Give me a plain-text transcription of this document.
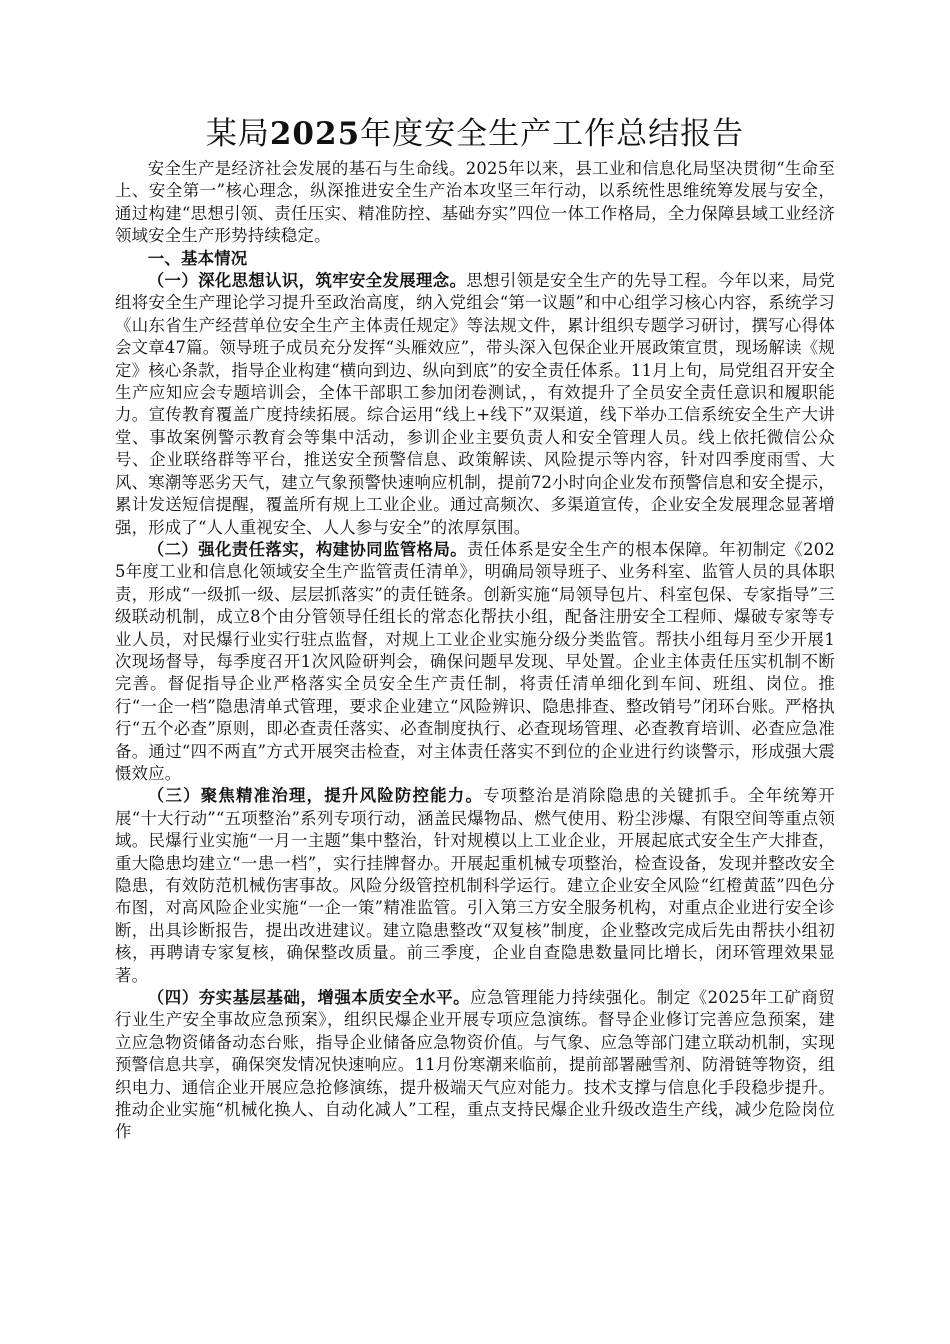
某局2025年度安全生产工作总结报告

安全生产是经济社会发展的基石与生命线。2025年以来，县工业和信息化局坚决贯彻“生命至上、安全第一”核心理念，纵深推进安全生产治本攻坚三年行动，以系统性思维统筹发展与安全，通过构建“思想引领、责任压实、精准防控、基础夯实”四位一体工作格局，全力保障县域工业经济领域安全生产形势持续稳定。

一、基本情况

（一）深化思想认识，筑牢安全发展理念。思想引领是安全生产的先导工程。今年以来，局党组将安全生产理论学习提升至政治高度，纳入党组会“第一议题”和中心组学习核心内容，系统学习《山东省生产经营单位安全生产主体责任规定》等法规文件，累计组织专题学习研讨，撰写心得体会文章47篇。领导班子成员充分发挥“头雁效应”，带头深入包保企业开展政策宣贯，现场解读《规定》核心条款，指导企业构建“横向到边、纵向到底”的安全责任体系。11月上旬，局党组召开安全生产应知应会专题培训会，全体干部职工参加闭卷测试，，有效提升了全员安全责任意识和履职能力。宣传教育覆盖广度持续拓展。综合运用“线上+线下”双渠道，线下举办工信系统安全生产大讲堂、事故案例警示教育会等集中活动，参训企业主要负责人和安全管理人员。线上依托微信公众号、企业联络群等平台，推送安全预警信息、政策解读、风险提示等内容，针对四季度雨雪、大风、寒潮等恶劣天气，建立气象预警快速响应机制，提前72小时向企业发布预警信息和安全提示，累计发送短信提醒，覆盖所有规上工业企业。通过高频次、多渠道宣传，企业安全发展理念显著增强，形成了“人人重视安全、人人参与安全”的浓厚氛围。

（二）强化责任落实，构建协同监管格局。责任体系是安全生产的根本保障。年初制定《2025年度工业和信息化领域安全生产监管责任清单》，明确局领导班子、业务科室、监管人员的具体职责，形成“一级抓一级、层层抓落实”的责任链条。创新实施“局领导包片、科室包保、专家指导”三级联动机制，成立8个由分管领导任组长的常态化帮扶小组，配备注册安全工程师、爆破专家等专业人员，对民爆行业实行驻点监督，对规上工业企业实施分级分类监管。帮扶小组每月至少开展1次现场督导，每季度召开1次风险研判会，确保问题早发现、早处置。企业主体责任压实机制不断完善。督促指导企业严格落实全员安全生产责任制，将责任清单细化到车间、班组、岗位。推行“一企一档”隐患清单式管理，要求企业建立“风险辨识、隐患排查、整改销号”闭环台账。严格执行“五个必查”原则，即必查责任落实、必查制度执行、必查现场管理、必查教育培训、必查应急准备。通过“四不两直”方式开展突击检查，对主体责任落实不到位的企业进行约谈警示，形成强大震慑效应。

（三）聚焦精准治理，提升风险防控能力。专项整治是消除隐患的关键抓手。全年统筹开展“十大行动”“五项整治”系列专项行动，涵盖民爆物品、燃气使用、粉尘涉爆、有限空间等重点领域。民爆行业实施“一月一主题”集中整治，针对规模以上工业企业，开展起底式安全生产大排查，重大隐患均建立“一患一档”，实行挂牌督办。开展起重机械专项整治，检查设备，发现并整改安全隐患，有效防范机械伤害事故。风险分级管控机制科学运行。建立企业安全风险“红橙黄蓝”四色分布图，对高风险企业实施“一企一策”精准监管。引入第三方安全服务机构，对重点企业进行安全诊断，出具诊断报告，提出改进建议。建立隐患整改“双复核”制度，企业整改完成后先由帮扶小组初核，再聘请专家复核，确保整改质量。前三季度，企业自查隐患数量同比增长，闭环管理效果显著。

（四）夯实基层基础，增强本质安全水平。应急管理能力持续强化。制定《2025年工矿商贸行业生产安全事故应急预案》，组织民爆企业开展专项应急演练。督导企业修订完善应急预案，建立应急物资储备动态台账，指导企业储备应急物资价值。与气象、应急等部门建立联动机制，实现预警信息共享，确保突发情况快速响应。11月份寒潮来临前，提前部署融雪剂、防滑链等物资，组织电力、通信企业开展应急抢修演练，提升极端天气应对能力。技术支撑与信息化手段稳步提升。推动企业实施“机械化换人、自动化减人”工程，重点支持民爆企业升级改造生产线，减少危险岗位作
